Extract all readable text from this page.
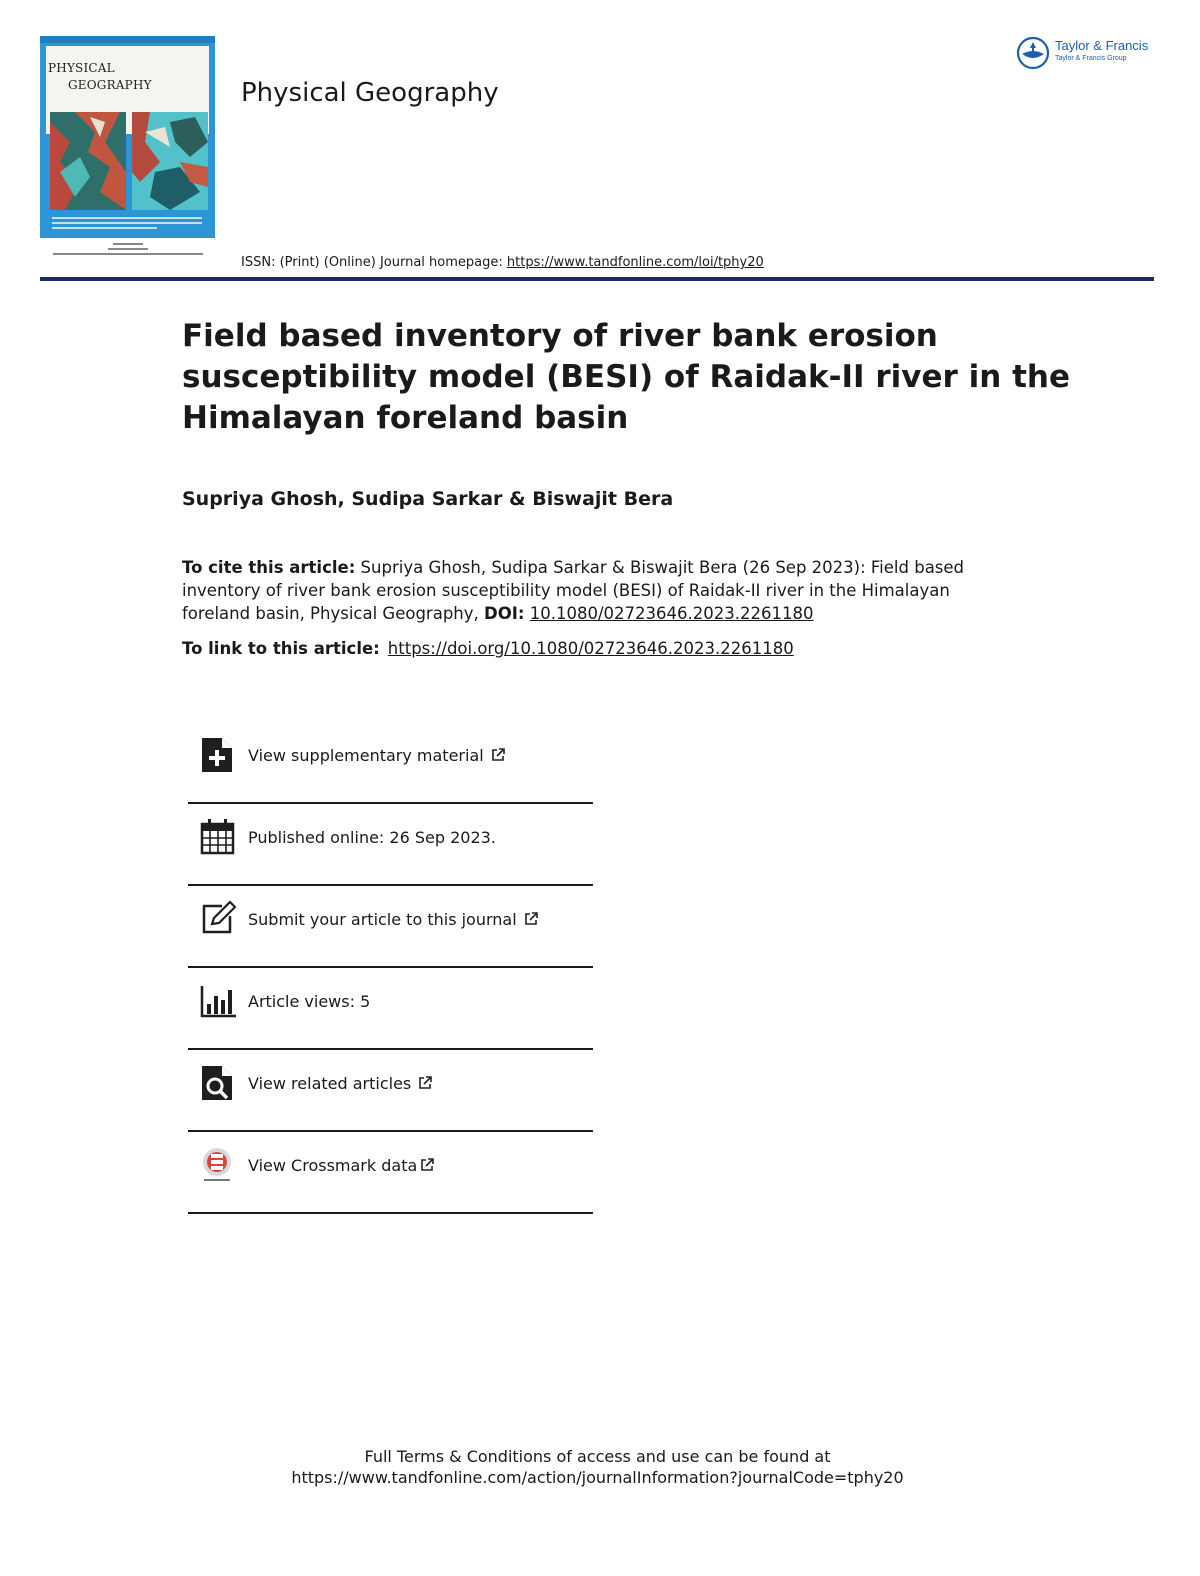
PHYSICAL
GEOGRAPHY	Physical Geography
Taylor & Francis
Taylor & Francis Group
ISSN: (Print) (Online) Journal homepage: https://www.tandfonline.com/loi/tphy20
Field based inventory of river bank erosion susceptibility model (BESI) of Raidak-II river in the Himalayan foreland basin
Supriya Ghosh, Sudipa Sarkar & Biswajit Bera
To cite this article: Supriya Ghosh, Sudipa Sarkar & Biswajit Bera (26 Sep 2023): Field based inventory of river bank erosion susceptibility model (BESI) of Raidak-II river in the Himalayan foreland basin, Physical Geography, DOI: 10.1080/02723646.2023.2261180
To link to this article: https://doi.org/10.1080/02723646.2023.2261180
View supplementary material
Published online: 26 Sep 2023.
Submit your article to this journal
Article views: 5
View related articles
View Crossmark data
Full Terms & Conditions of access and use can be found at
https://www.tandfonline.com/action/journalInformation?journalCode=tphy20
